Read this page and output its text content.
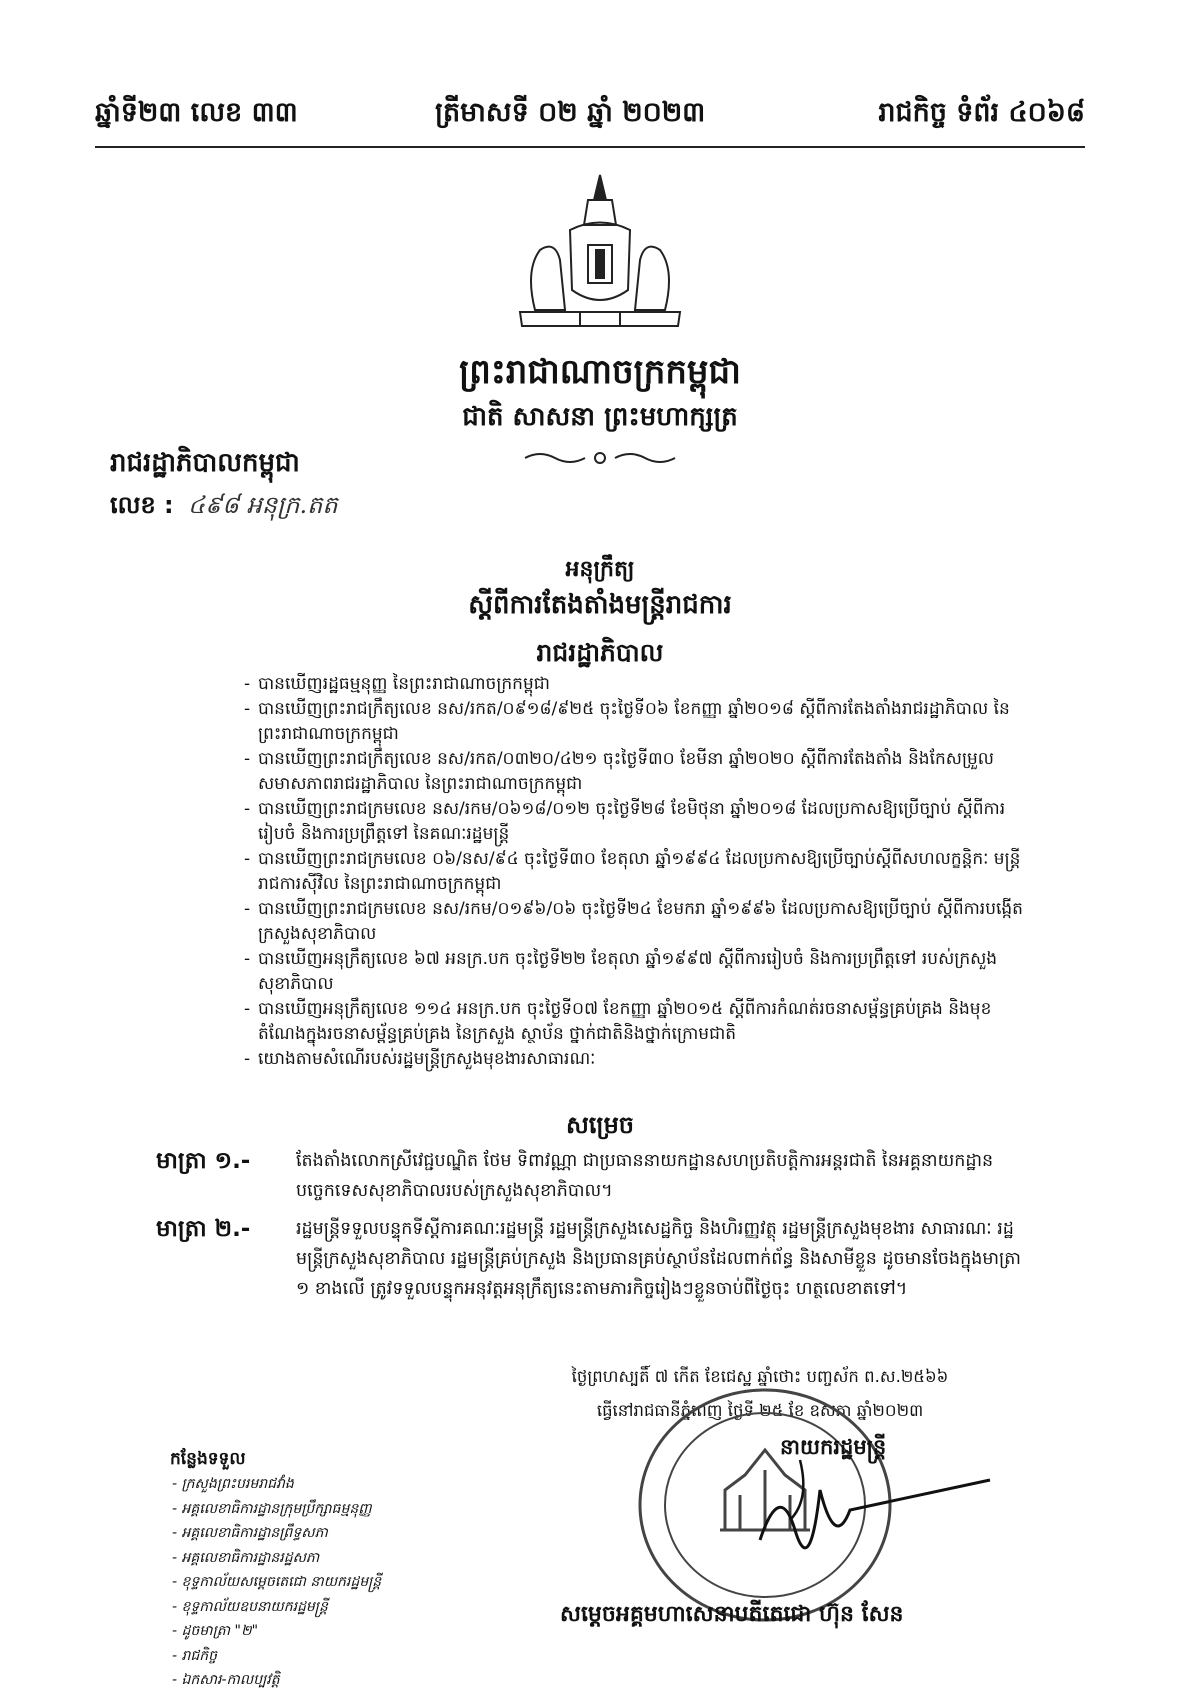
ឆ្នាំទី២៣ លេខ ៣៣	ត្រីមាសទី ០២ ឆ្នាំ ២០២៣	រាជកិច្ច ទំព័រ ៤០៦៨
ព្រះរាជាណាចក្រកម្ពុជា
ជាតិ សាសនា ព្រះមហាក្សត្រ
រាជរដ្ឋាភិបាលកម្ពុជា
លេខ : ៤៩៨ អនុក្រ.តត
អនុក្រឹត្យ
ស្តីពីការតែងតាំងមន្ត្រីរាជការ
រាជរដ្ឋាភិបាល
- បានឃើញរដ្ឋធម្មនុញ្ញ នៃព្រះរាជាណាចក្រកម្ពុជា
- បានឃើញព្រះរាជក្រឹត្យលេខ នស/រកត/០៩១៨/៩២៥ ចុះថ្ងៃទី០៦ ខែកញ្ញា ឆ្នាំ២០១៨ ស្តីពីការតែងតាំងរាជរដ្ឋាភិបាល នៃព្រះរាជាណាចក្រកម្ពុជា
- បានឃើញព្រះរាជក្រឹត្យលេខ នស/រកត/០៣២០/៤២១ ចុះថ្ងៃទី៣០ ខែមីនា ឆ្នាំ២០២០ ស្តីពីការតែងតាំង និងកែសម្រួល សមាសភាពរាជរដ្ឋាភិបាល នៃព្រះរាជាណាចក្រកម្ពុជា
- បានឃើញព្រះរាជក្រមលេខ នស/រកម/០៦១៨/០១២ ចុះថ្ងៃទី២៨ ខែមិថុនា ឆ្នាំ២០១៨ ដែលប្រកាសឱ្យប្រើច្បាប់ ស្តីពីការរៀបចំ និងការប្រព្រឹត្តទៅ នៃគណៈរដ្ឋមន្ត្រី
- បានឃើញព្រះរាជក្រមលេខ ០៦/នស/៩៤ ចុះថ្ងៃទី៣០ ខែតុលា ឆ្នាំ១៩៩៤ ដែលប្រកាសឱ្យប្រើច្បាប់ស្តីពីសហលក្ខន្តិកៈ មន្ត្រីរាជការស៊ីវិល នៃព្រះរាជាណាចក្រកម្ពុជា
- បានឃើញព្រះរាជក្រមលេខ នស/រកម/០១៩៦/០៦ ចុះថ្ងៃទី២៤ ខែមករា ឆ្នាំ១៩៩៦ ដែលប្រកាសឱ្យប្រើច្បាប់ ស្តីពីការបង្កើតក្រសួងសុខាភិបាល
- បានឃើញអនុក្រឹត្យលេខ ៦៧ អនក្រ.បក ចុះថ្ងៃទី២២ ខែតុលា ឆ្នាំ១៩៩៧ ស្តីពីការរៀបចំ និងការប្រព្រឹត្តទៅ របស់ក្រសួងសុខាភិបាល
- បានឃើញអនុក្រឹត្យលេខ ១១៤ អនក្រ.បក ចុះថ្ងៃទី០៧ ខែកញ្ញា ឆ្នាំ២០១៥ ស្តីពីការកំណត់រចនាសម្ព័ន្ធគ្រប់គ្រង និងមុខតំណែងក្នុងរចនាសម្ព័ន្ធគ្រប់គ្រង នៃក្រសួង ស្ថាប័ន ថ្នាក់ជាតិនិងថ្នាក់ក្រោមជាតិ
- យោងតាមសំណើរបស់រដ្ឋមន្ត្រីក្រសួងមុខងារសាធារណៈ
សម្រេច
មាត្រា ១.-	តែងតាំងលោកស្រីវេជ្ជបណ្ឌិត ថែម ទិពាវណ្ណា ជាប្រធាននាយកដ្ឋានសហប្រតិបត្តិការអន្តរជាតិ នៃអគ្គនាយកដ្ឋានបច្ចេកទេសសុខាភិបាលរបស់ក្រសួងសុខាភិបាល។
មាត្រា ២.-	រដ្ឋមន្ត្រីទទួលបន្ទុកទីស្តីការគណៈរដ្ឋមន្ត្រី រដ្ឋមន្ត្រីក្រសួងសេដ្ឋកិច្ច និងហិរញ្ញវត្ថុ រដ្ឋមន្ត្រីក្រសួងមុខងារ សាធារណៈ រដ្ឋមន្ត្រីក្រសួងសុខាភិបាល រដ្ឋមន្ត្រីគ្រប់ក្រសួង និងប្រធានគ្រប់ស្ថាប័នដែលពាក់ព័ន្ធ និងសាមីខ្លួន ដូចមានចែងក្នុងមាត្រា ១ ខាងលើ ត្រូវទទួលបន្ទុកអនុវត្តអនុក្រឹត្យនេះតាមភារកិច្ចរៀងៗខ្លួនចាប់ពីថ្ងៃចុះ ហត្ថលេខាតទៅ។
ថ្ងៃព្រហស្បតិ៍ ៧ កើត ខែជេស្ឋ ឆ្នាំថោះ បញ្ចស័ក ព.ស.២៥៦៦
ធ្វើនៅរាជធានីភ្នំពេញ ថ្ងៃទី ២៥ ខែ ឧសភា ឆ្នាំ២០២៣
នាយករដ្ឋមន្ត្រី
សម្តេចអគ្គមហាសេនាបតីតេជោ ហ៊ុន សែន
កន្លែងទទួល
- ក្រសួងព្រះបរមរាជវាំង
- អគ្គលេខាធិការដ្ឋានក្រុមប្រឹក្សាធម្មនុញ្ញ
- អគ្គលេខាធិការដ្ឋានព្រឹទ្ធសភា
- អគ្គលេខាធិការដ្ឋានរដ្ឋសភា
- ខុទ្ទកាល័យសម្តេចតេជោ នាយករដ្ឋមន្ត្រី
- ខុទ្ទកាល័យឧបនាយករដ្ឋមន្ត្រី
- ដូចមាត្រា "២"
- រាជកិច្ច
- ឯកសារ-កាលប្បវត្តិ
